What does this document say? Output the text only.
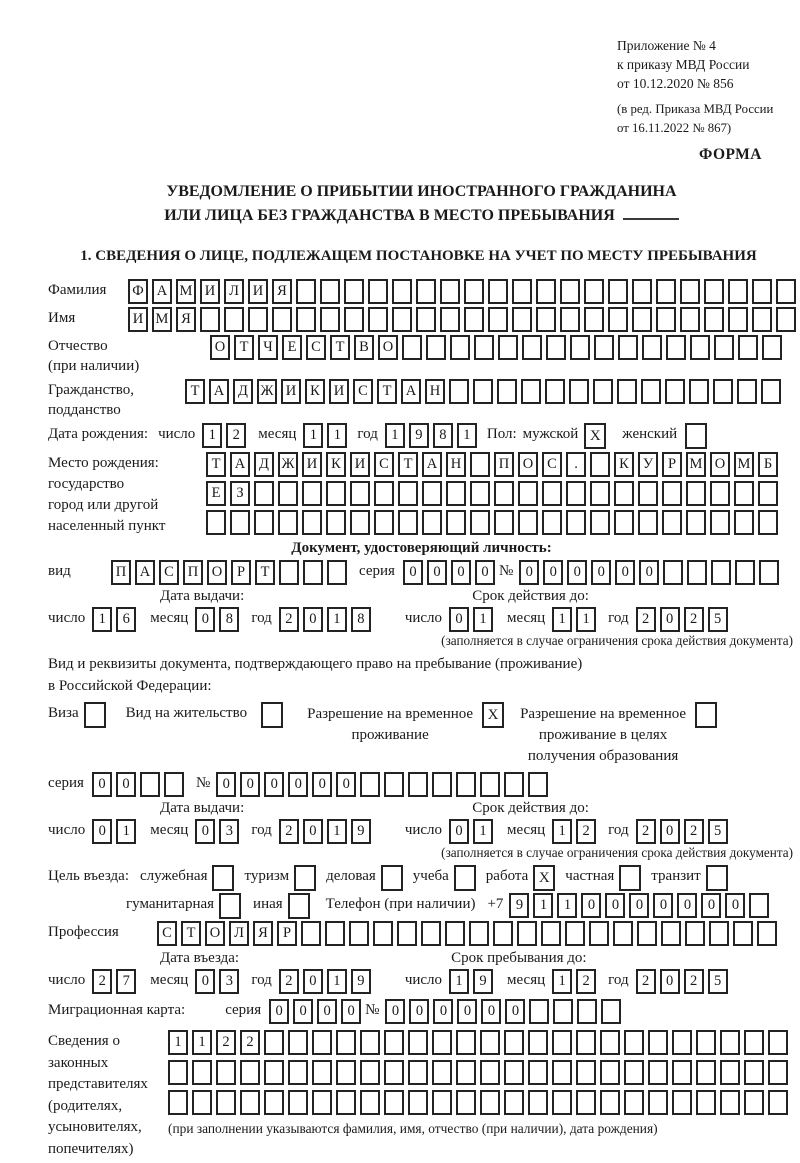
Приложение № 4
к приказу МВД России
от 10.12.2020 № 856
(в ред. Приказа МВД России
от 16.11.2022 № 867)
ФОРМА
УВЕДОМЛЕНИЕ О ПРИБЫТИИ ИНОСТРАННОГО ГРАЖДАНИНА
ИЛИ ЛИЦА БЕЗ ГРАЖДАНСТВА В МЕСТО ПРЕБЫВАНИЯ
1. СВЕДЕНИЯ О ЛИЦЕ, ПОДЛЕЖАЩЕМ ПОСТАНОВКЕ НА УЧЕТ ПО МЕСТУ ПРЕБЫВАНИЯ
Фамилия	Ф А М И Л И Я
Имя	И М Я
Отчество
(при наличии)
О Т	Ч	Е	С	Т	В О
Гражданство,
подданство
Т А Д Ж И К И С	Т А Н
Дата рождения: число 1	2	месяц 1	1	год 1	9	8	1	Пол: мужской X	женский
Место рождения:
государство
город или другой
населенный пункт
Т А Д Ж И К И С	Т А Н	П О С	.	К У	Р М О М Б
Е	З
Документ, удостоверяющий личность:
вид	П А С П О	Р	Т	серия 0	0	0	0 № 0	0	0	0	0	0
Дата выдачи:	Срок действия до:
число 1	6	месяц 0	8	год 2	0	1	8	число 0	1	месяц 1	1	год 2	0	2	5
(заполняется в случае ограничения срока действия документа)
Вид и реквизиты документа, подтверждающего право на пребывание (проживание)
в Российской Федерации:
Виза	Вид на жительство	Разрешение на временное
проживание
X	Разрешение на временное
проживание в целях
получения образования
серия 0	0	№ 0	0	0	0	0	0
Дата выдачи:	Срок действия до:
число 0	1	месяц 0	3	год 2	0	1	9	число 0	1	месяц 1	2	год 2	0	2	5
(заполняется в случае ограничения срока действия документа)
Цель въезда: служебная туризм деловая учеба работа X	частная транзит
гуманитарная	иная	Телефон (при наличии) +7 9	1	1	0	0	0	0	0	0	0
Профессия	С	Т О Л Я	Р
Дата въезда:	Срок пребывания до:
число 2	7	месяц 0	3	год 2	0	1	9	число 1	9	месяц 1	2	год 2	0	2	5
Миграционная карта:	серия 0	0	0	0 № 0	0	0	0	0	0
Сведения о
законных
представителях
(родителях,
усыновителях,
попечителях)
1	1	2	2
(при заполнении указываются фамилия, имя, отчество (при наличии), дата рождения)
